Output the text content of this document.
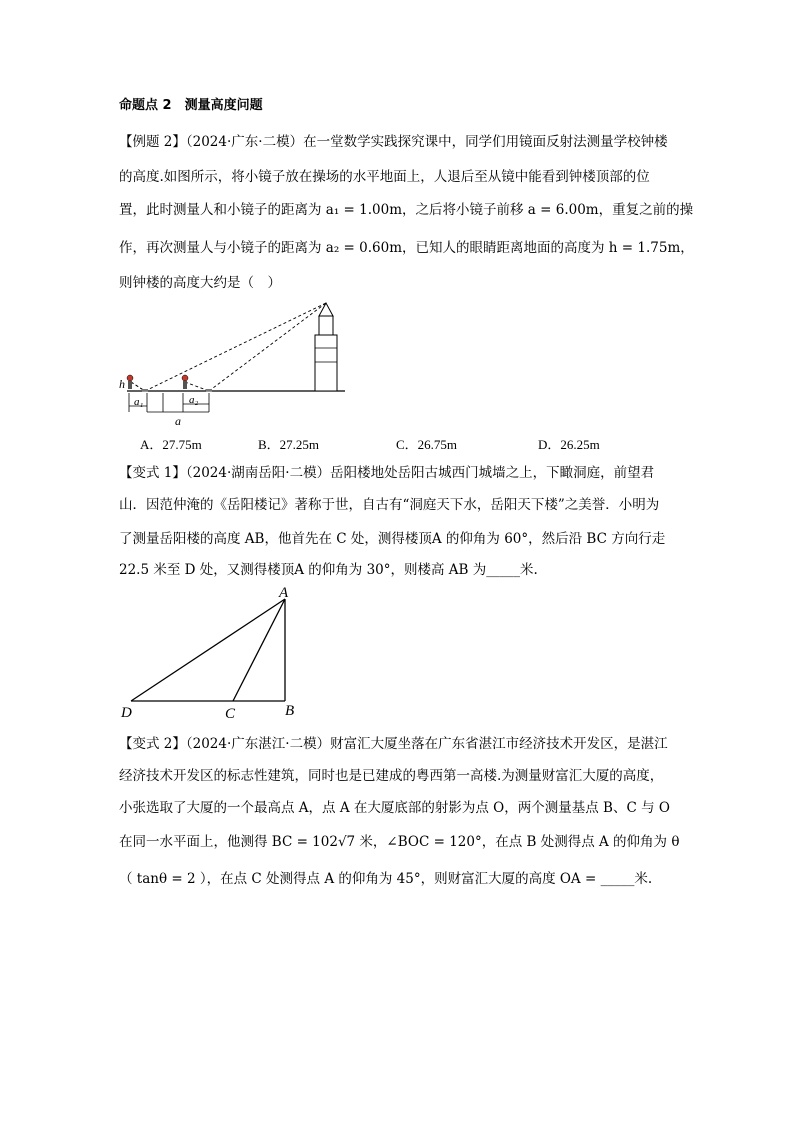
命题点 2　测量高度问题
【例题 2】（2024·广东·二模）在一堂数学实践探究课中，同学们用镜面反射法测量学校钟楼
的高度.如图所示，将小镜子放在操场的水平地面上，人退后至从镜中能看到钟楼顶部的位
置，此时测量人和小镜子的距离为 a₁ = 1.00m，之后将小镜子前移 a = 6.00m，重复之前的操
作，再次测量人与小镜子的距离为 a₂ = 0.60m，已知人的眼睛距离地面的高度为 h = 1.75m，
则钟楼的高度大约是（　）
h
a₁	a₂
a
A．27.75m	B．27.25m	C．26.75m	D．26.25m
【变式 1】（2024·湖南岳阳·二模）岳阳楼地处岳阳古城西门城墙之上，下瞰洞庭，前望君
山．因范仲淹的《岳阳楼记》著称于世，自古有“洞庭天下水，岳阳天下楼”之美誉．小明为
了测量岳阳楼的高度 AB，他首先在 C 处，测得楼顶A 的仰角为 60°，然后沿 BC 方向行走
22.5 米至 D 处，又测得楼顶A 的仰角为 30°，则楼高 AB 为_____米.
A
B
C
D
【变式 2】（2024·广东湛江·二模）财富汇大厦坐落在广东省湛江市经济技术开发区，是湛江
经济技术开发区的标志性建筑，同时也是已建成的粤西第一高楼.为测量财富汇大厦的高度，
小张选取了大厦的一个最高点 A，点 A 在大厦底部的射影为点 O，两个测量基点 B、C 与 O
在同一水平面上，他测得 BC = 102√7 米，∠BOC = 120°，在点 B 处测得点 A 的仰角为 θ
（ tanθ = 2 ），在点 C 处测得点 A 的仰角为 45°，则财富汇大厦的高度 OA = _____米.
